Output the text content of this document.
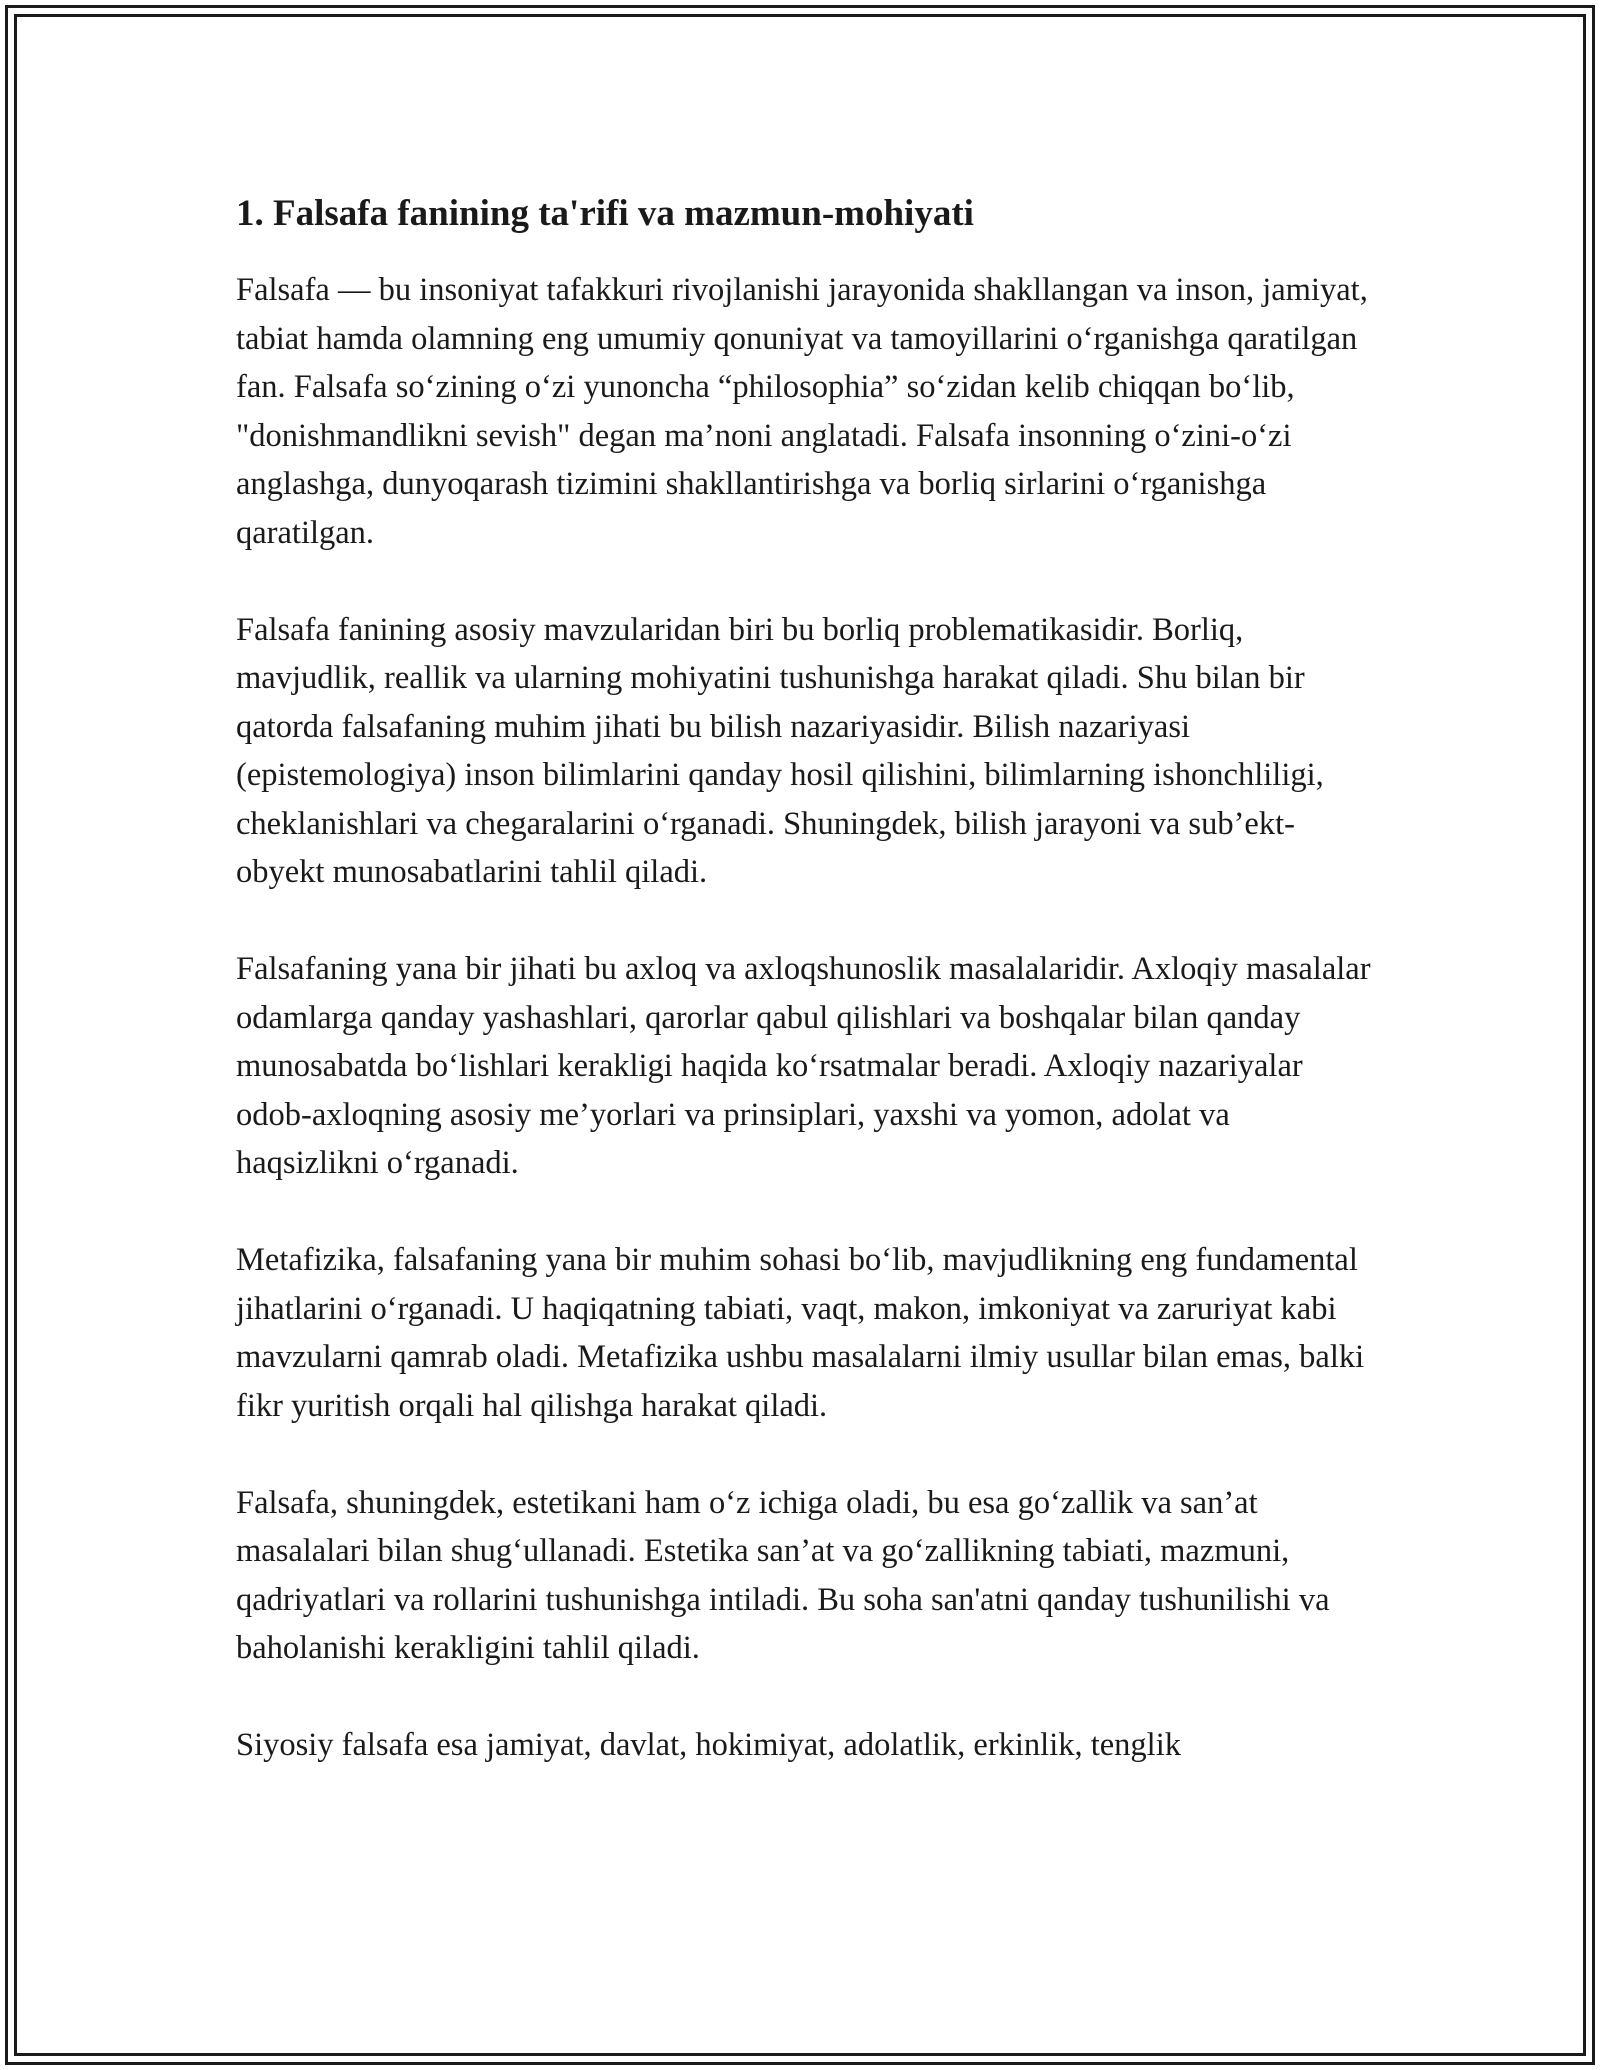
1. Falsafa fanining ta'rifi va mazmun-mohiyati

Falsafa — bu insoniyat tafakkuri rivojlanishi jarayonida shakllangan va inson, jamiyat, tabiat hamda olamning eng umumiy qonuniyat va tamoyillarini o‘rganishga qaratilgan fan. Falsafa so‘zining o‘zi yunoncha “philosophia” so‘zidan kelib chiqqan bo‘lib, "donishmandlikni sevish" degan ma’noni anglatadi. Falsafa insonning o‘zini-o‘zi anglashga, dunyoqarash tizimini shakllantirishga va borliq sirlarini o‘rganishga qaratilgan.

Falsafa fanining asosiy mavzularidan biri bu borliq problematikasidir. Borliq, mavjudlik, reallik va ularning mohiyatini tushunishga harakat qiladi. Shu bilan bir qatorda falsafaning muhim jihati bu bilish nazariyasidir. Bilish nazariyasi (epistemologiya) inson bilimlarini qanday hosil qilishini, bilimlarning ishonchliligi, cheklanishlari va chegaralarini o‘rganadi. Shuningdek, bilish jarayoni va sub’ekt-obyekt munosabatlarini tahlil qiladi.

Falsafaning yana bir jihati bu axloq va axloqshunoslik masalalaridir. Axloqiy masalalar odamlarga qanday yashashlari, qarorlar qabul qilishlari va boshqalar bilan qanday munosabatda bo‘lishlari kerakligi haqida ko‘rsatmalar beradi. Axloqiy nazariyalar odob-axloqning asosiy me’yorlari va prinsiplari, yaxshi va yomon, adolat va haqsizlikni o‘rganadi.

Metafizika, falsafaning yana bir muhim sohasi bo‘lib, mavjudlikning eng fundamental jihatlarini o‘rganadi. U haqiqatning tabiati, vaqt, makon, imkoniyat va zaruriyat kabi mavzularni qamrab oladi. Metafizika ushbu masalalarni ilmiy usullar bilan emas, balki fikr yuritish orqali hal qilishga harakat qiladi.

Falsafa, shuningdek, estetikani ham o‘z ichiga oladi, bu esa go‘zallik va san’at masalalari bilan shug‘ullanadi. Estetika san’at va go‘zallikning tabiati, mazmuni, qadriyatlari va rollarini tushunishga intiladi. Bu soha san'atni qanday tushunilishi va baholanishi kerakligini tahlil qiladi.

Siyosiy falsafa esa jamiyat, davlat, hokimiyat, adolatlik, erkinlik, tenglik
